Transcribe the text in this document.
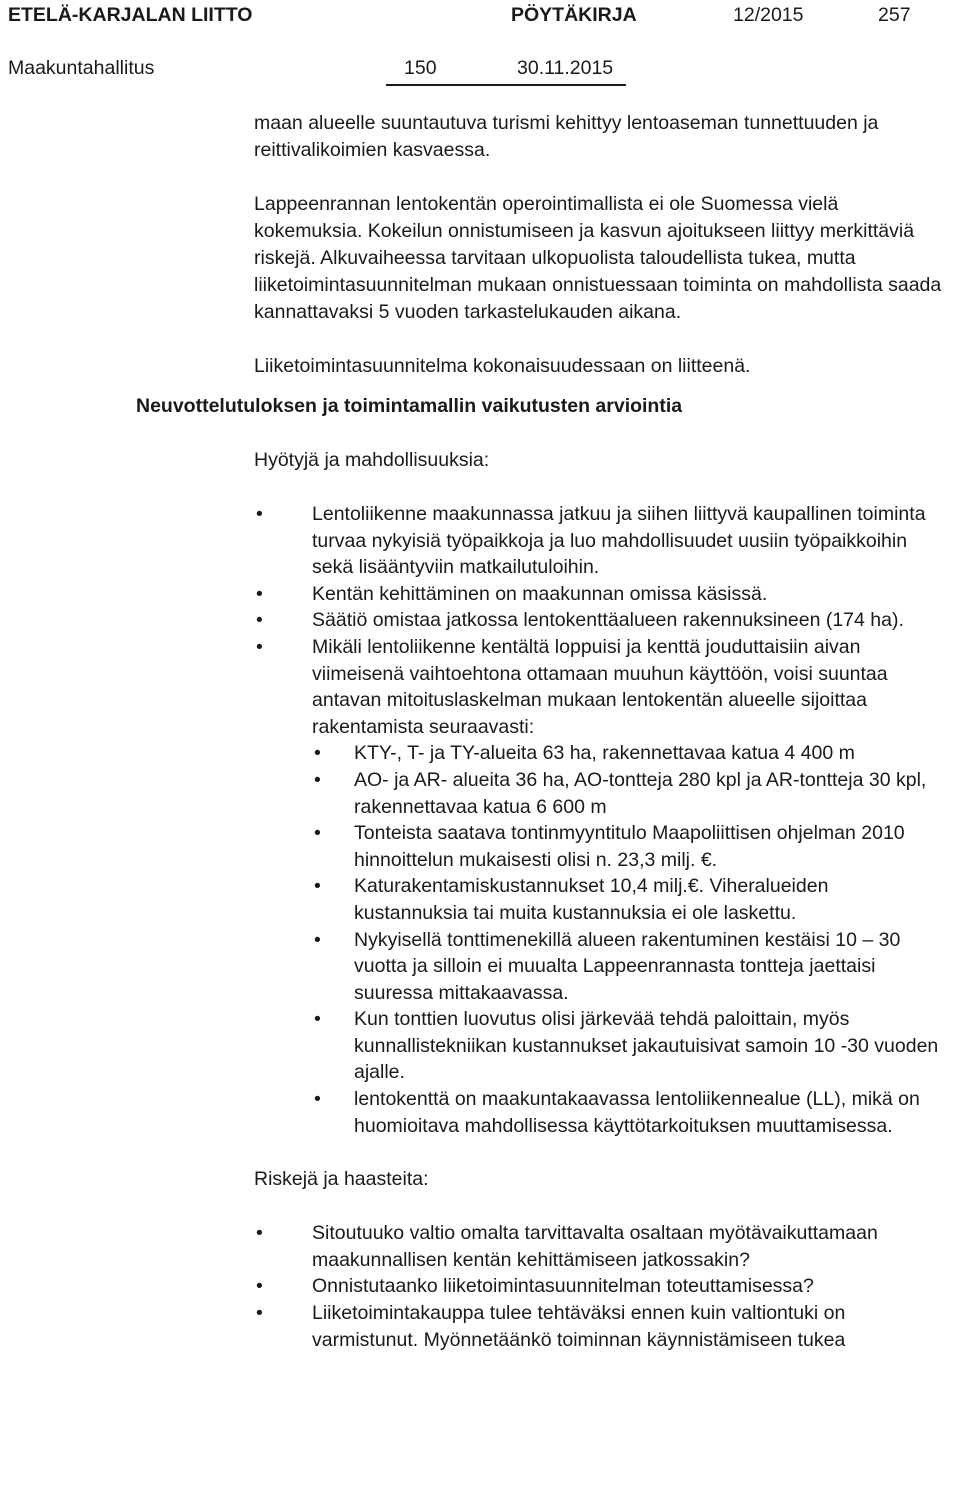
ETELÄ-KARJALAN LIITTO	PÖYTÄKIRJA	12/2015	257
Maakuntahallitus	150	30.11.2015

maan alueelle suuntautuva turismi kehittyy lentoaseman tunnettuuden ja reittivalikoimien kasvaessa.

Lappeenrannan lentokentän operointimallista ei ole Suomessa vielä kokemuksia. Kokeilun onnistumiseen ja kasvun ajoitukseen liittyy merkittäviä riskejä. Alkuvaiheessa tarvitaan ulkopuolista taloudellista tukea, mutta liiketoimintasuunnitelman mukaan onnistuessaan toiminta on mahdollista saada kannattavaksi 5 vuoden tarkastelukauden aikana.

Liiketoimintasuunnitelma kokonaisuudessaan on liitteenä.

Neuvottelutuloksen ja toimintamallin vaikutusten arviointia

Hyötyjä ja mahdollisuuksia:

• Lentoliikenne maakunnassa jatkuu ja siihen liittyvä kaupallinen toiminta turvaa nykyisiä työpaikkoja ja luo mahdollisuudet uusiin työpaikkoihin sekä lisääntyviin matkailutuloihin.
• Kentän kehittäminen on maakunnan omissa käsissä.
• Säätiö omistaa jatkossa lentokenttäalueen rakennuksineen (174 ha).
• Mikäli lentoliikenne kentältä loppuisi ja kenttä jouduttaisiin aivan viimeisenä vaihtoehtona ottamaan muuhun käyttöön, voisi suuntaa antavan mitoituslaskelman mukaan lentokentän alueelle sijoittaa rakentamista seuraavasti:
• KTY-, T- ja TY-alueita 63 ha, rakennettavaa katua 4 400 m
• AO- ja AR- alueita 36 ha, AO-tontteja 280 kpl ja AR-tontteja 30 kpl, rakennettavaa katua 6 600 m
• Tonteista saatava tontinmyyntitulo Maapoliittisen ohjelman 2010 hinnoittelun mukaisesti olisi n. 23,3 milj. €.
• Katurakentamiskustannukset 10,4 milj.€. Viheralueiden kustannuksia tai muita kustannuksia ei ole laskettu.
• Nykyisellä tonttimenekillä alueen rakentuminen kestäisi 10 – 30 vuotta ja silloin ei muualta Lappeenrannasta tontteja jaettaisi suuressa mittakaavassa.
• Kun tonttien luovutus olisi järkevää tehdä paloittain, myös kunnallistekniikan kustannukset jakautuisivat samoin 10 -30 vuoden ajalle.
• lentokenttä on maakuntakaavassa lentoliikennealue (LL), mikä on huomioitava mahdollisessa käyttötarkoituksen muuttamisessa.

Riskejä ja haasteita:

• Sitoutuuko valtio omalta tarvittavalta osaltaan myötävaikuttamaan maakunnallisen kentän kehittämiseen jatkossakin?
• Onnistutaanko liiketoimintasuunnitelman toteuttamisessa?
• Liiketoimintakauppa tulee tehtäväksi ennen kuin valtiontuki on varmistunut. Myönnetäänkö toiminnan käynnistämiseen tukea
